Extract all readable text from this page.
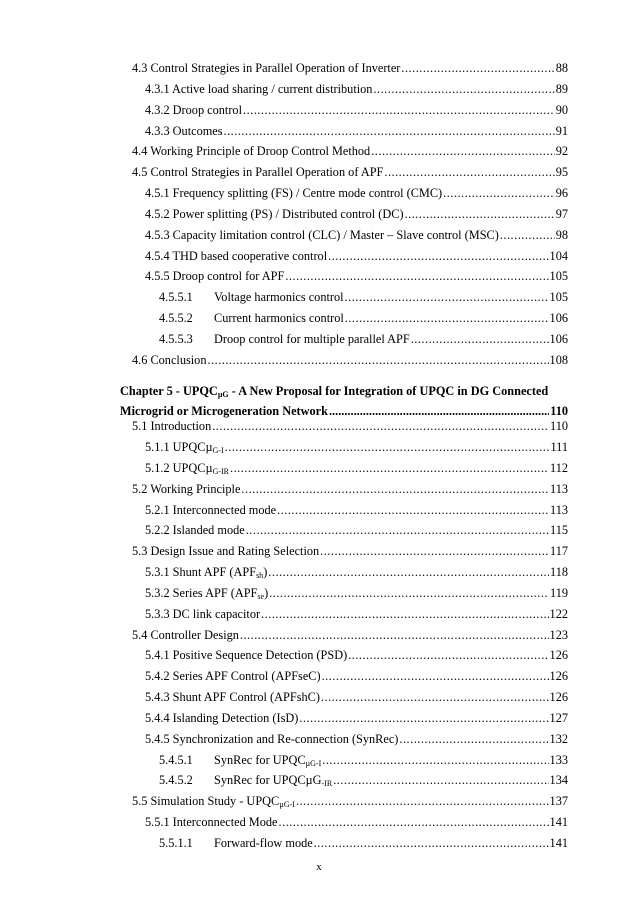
4.3 Control Strategies in Parallel Operation of Inverter .....	88
4.3.1 Active load sharing / current distribution .....	89
4.3.2 Droop control .....	90
4.3.3 Outcomes .....	91
4.4 Working Principle of Droop Control Method .....	92
4.5 Control Strategies in Parallel Operation of APF .....	95
4.5.1 Frequency splitting (FS) / Centre mode control (CMC) .....	96
4.5.2 Power splitting (PS) / Distributed control (DC) .....	97
4.5.3 Capacity limitation control (CLC) / Master – Slave control (MSC) .....	98
4.5.4 THD based cooperative control .....	104
4.5.5 Droop control for APF .....	105
4.5.5.1 Voltage harmonics control .....	105
4.5.5.2 Current harmonics control .....	106
4.5.5.3 Droop control for multiple parallel APF .....	106
4.6 Conclusion .....	108
Chapter $5 - UPQC_{\mu G}$ - A New Proposal for Integration of UPQC in DG Connected
Microgrid or Microgeneration Network .....	110
5.1 Introduction .....	110
5.1.1 UPQCµ$_{G-I}$ .....	111
5.1.2 UPQCµ$_{G-IR}$ .....	112
5.2 Working Principle .....	113
5.2.1 Interconnected mode .....	113
5.2.2 Islanded mode .....	115
5.3 Design Issue and Rating Selection .....	117
5.3.1 Shunt APF $(APF_{sh})$ .....	118
5.3.2 Series APF $(APF_{se})$ .....	119
5.3.3 DC link capacitor .....	122
5.4 Controller Design .....	123
5.4.1 Positive Sequence Detection (PSD) .....	126
5.4.2 Series APF Control (APFseC) .....	126
5.4.3 Shunt APF Control (APFshC) .....	126
5.4.4 Islanding Detection (IsD) .....	127
5.4.5 Synchronization and Re-connection (SynRec) .....	132
5.4.5.1 SynRec for $UPQC_{\mu G-I}$ .....	133
5.4.5.2 SynRec for UPQCµG$_{-IR}$ .....	134
5.5 Simulation Study - $UPQC_{\mu G-I}$ .....	137
5.5.1 Interconnected Mode .....	141
5.5.1.1 Forward-flow mode .....	141
x
